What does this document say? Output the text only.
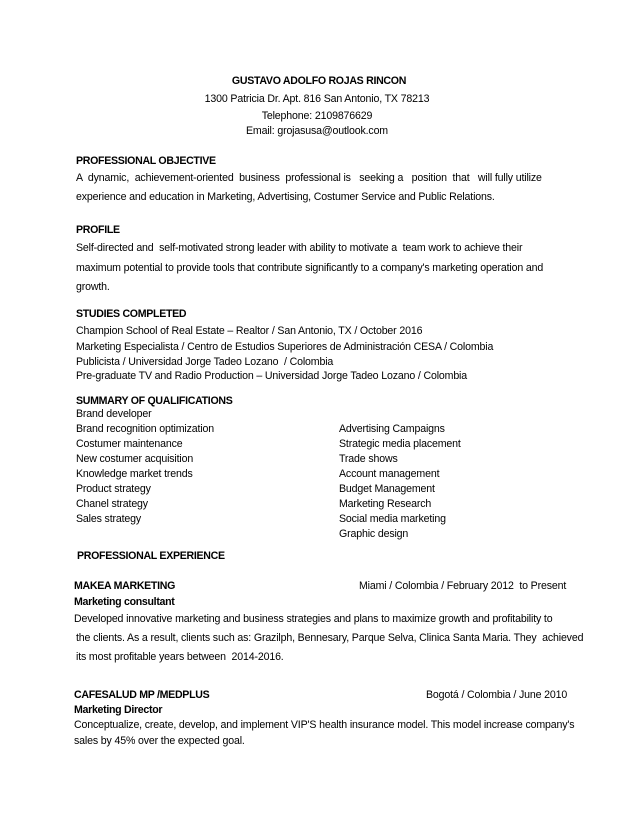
GUSTAVO ADOLFO ROJAS RINCON
1300 Patricia Dr. Apt. 816 San Antonio, TX 78213
Telephone: 2109876629
Email: grojasusa@outlook.com
PROFESSIONAL OBJECTIVE
A  dynamic,  achievement-oriented  business  professional is   seeking a   position  that   will fully utilize
experience and education in Marketing, Advertising, Costumer Service and Public Relations.
PROFILE
Self-directed and  self-motivated strong leader with ability to motivate a  team work to achieve their
maximum potential to provide tools that contribute significantly to a company's marketing operation and
growth.
STUDIES COMPLETED
Champion School of Real Estate – Realtor / San Antonio, TX / October 2016
Marketing Especialista / Centro de Estudios Superiores de Administración CESA / Colombia
Publicista / Universidad Jorge Tadeo Lozano  / Colombia
Pre-graduate TV and Radio Production – Universidad Jorge Tadeo Lozano / Colombia
SUMMARY OF QUALIFICATIONS
Brand developer
Brand recognition optimization
Costumer maintenance
New costumer acquisition
Knowledge market trends
Product strategy
Chanel strategy
Sales strategy
Advertising Campaigns
Strategic media placement
Trade shows
Account management
Budget Management
Marketing Research
Social media marketing
Graphic design
PROFESSIONAL EXPERIENCE
MAKEA MARKETING	Miami / Colombia / February 2012  to Present
Marketing consultant
Developed innovative marketing and business strategies and plans to maximize growth and profitability to
the clients. As a result, clients such as: Grazilph, Bennesary, Parque Selva, Clinica Santa Maria. They  achieved
its most profitable years between  2014-2016.
CAFESALUD MP /MEDPLUS	Bogotá / Colombia / June 2010
Marketing Director
Conceptualize, create, develop, and implement VIP'S health insurance model. This model increase company's
sales by 45% over the expected goal.
